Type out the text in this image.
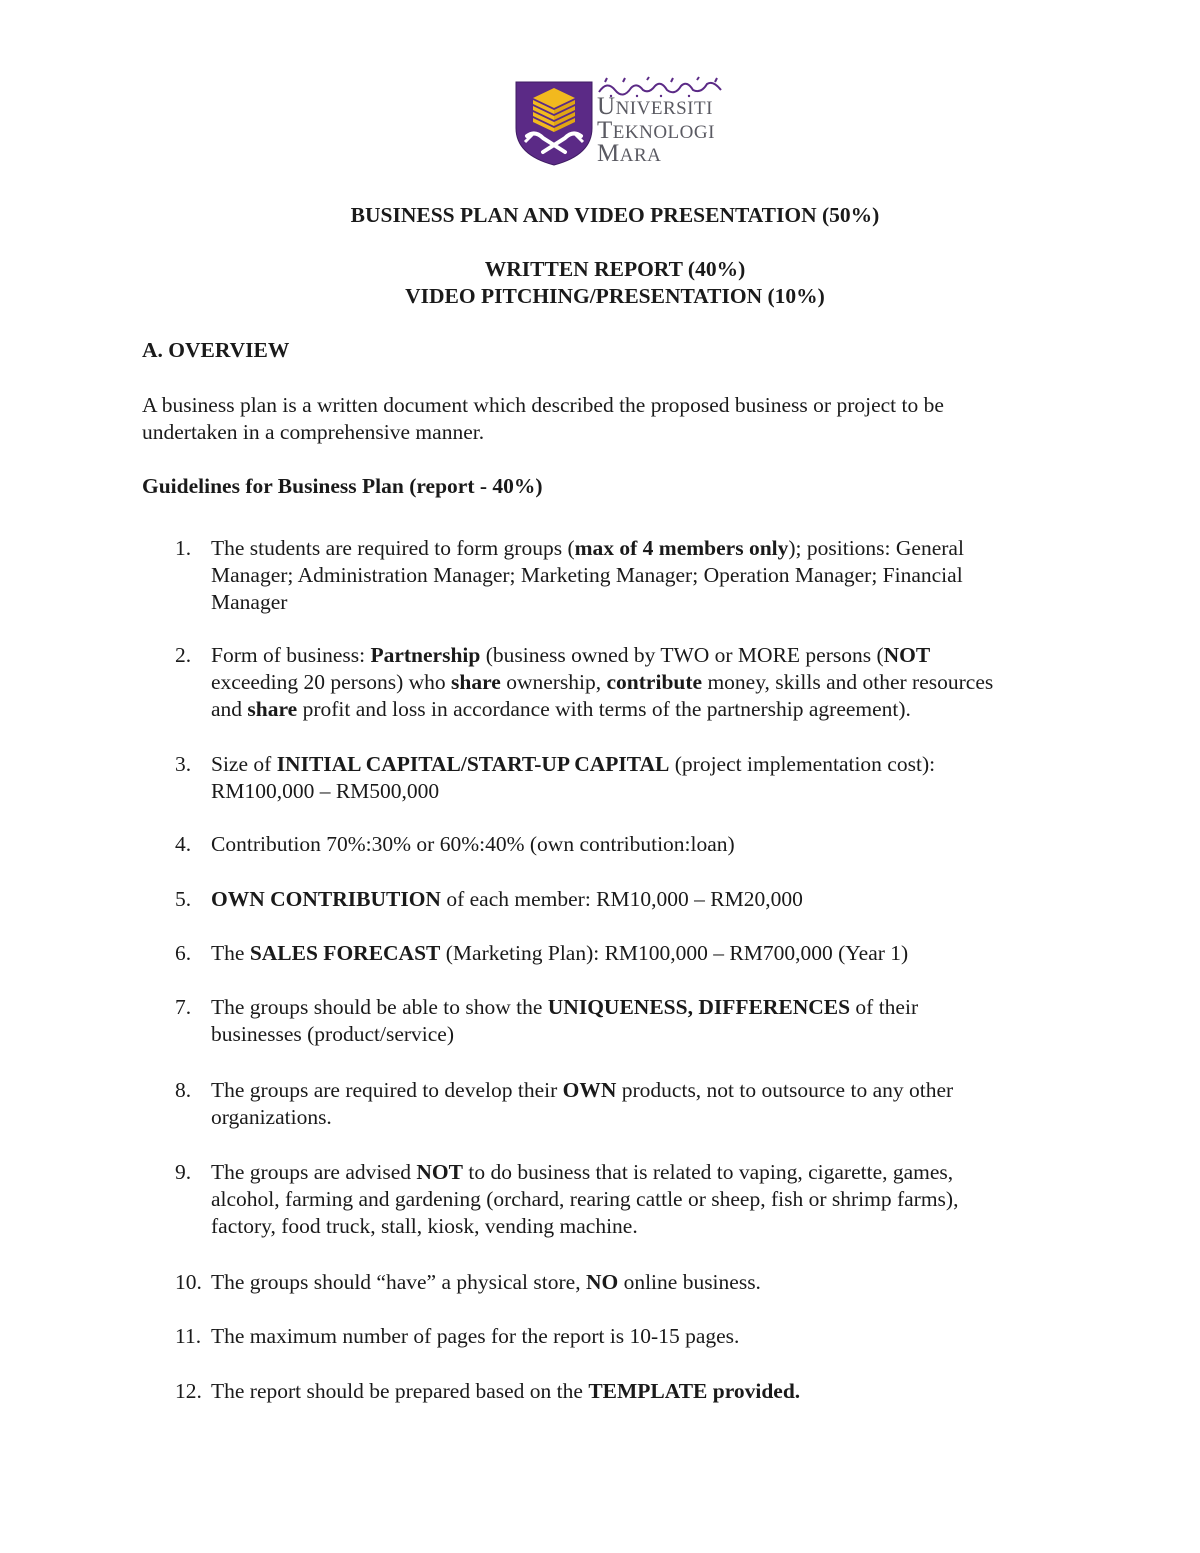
UNIVERSITI
TEKNOLOGI
MARA
BUSINESS PLAN AND VIDEO PRESENTATION (50%)
WRITTEN REPORT (40%)
VIDEO PITCHING/PRESENTATION (10%)
A. OVERVIEW
A business plan is a written document which described the proposed business or project to be
undertaken in a comprehensive manner.
Guidelines for Business Plan (report - 40%)
1. The students are required to form groups (max of 4 members only); positions: General
Manager; Administration Manager; Marketing Manager; Operation Manager; Financial
Manager
2. Form of business: Partnership (business owned by TWO or MORE persons (NOT
exceeding 20 persons) who share ownership, contribute money, skills and other resources
and share profit and loss in accordance with terms of the partnership agreement).
3. Size of INITIAL CAPITAL/START-UP CAPITAL (project implementation cost):
RM100,000 – RM500,000
4. Contribution 70%:30% or 60%:40% (own contribution:loan)
5. OWN CONTRIBUTION of each member: RM10,000 – RM20,000
6. The SALES FORECAST (Marketing Plan): RM100,000 – RM700,000 (Year 1)
7. The groups should be able to show the UNIQUENESS, DIFFERENCES of their
businesses (product/service)
8. The groups are required to develop their OWN products, not to outsource to any other
organizations.
9. The groups are advised NOT to do business that is related to vaping, cigarette, games,
alcohol, farming and gardening (orchard, rearing cattle or sheep, fish or shrimp farms),
factory, food truck, stall, kiosk, vending machine.
10. The groups should “have” a physical store, NO online business.
11. The maximum number of pages for the report is 10-15 pages.
12. The report should be prepared based on the TEMPLATE provided.
